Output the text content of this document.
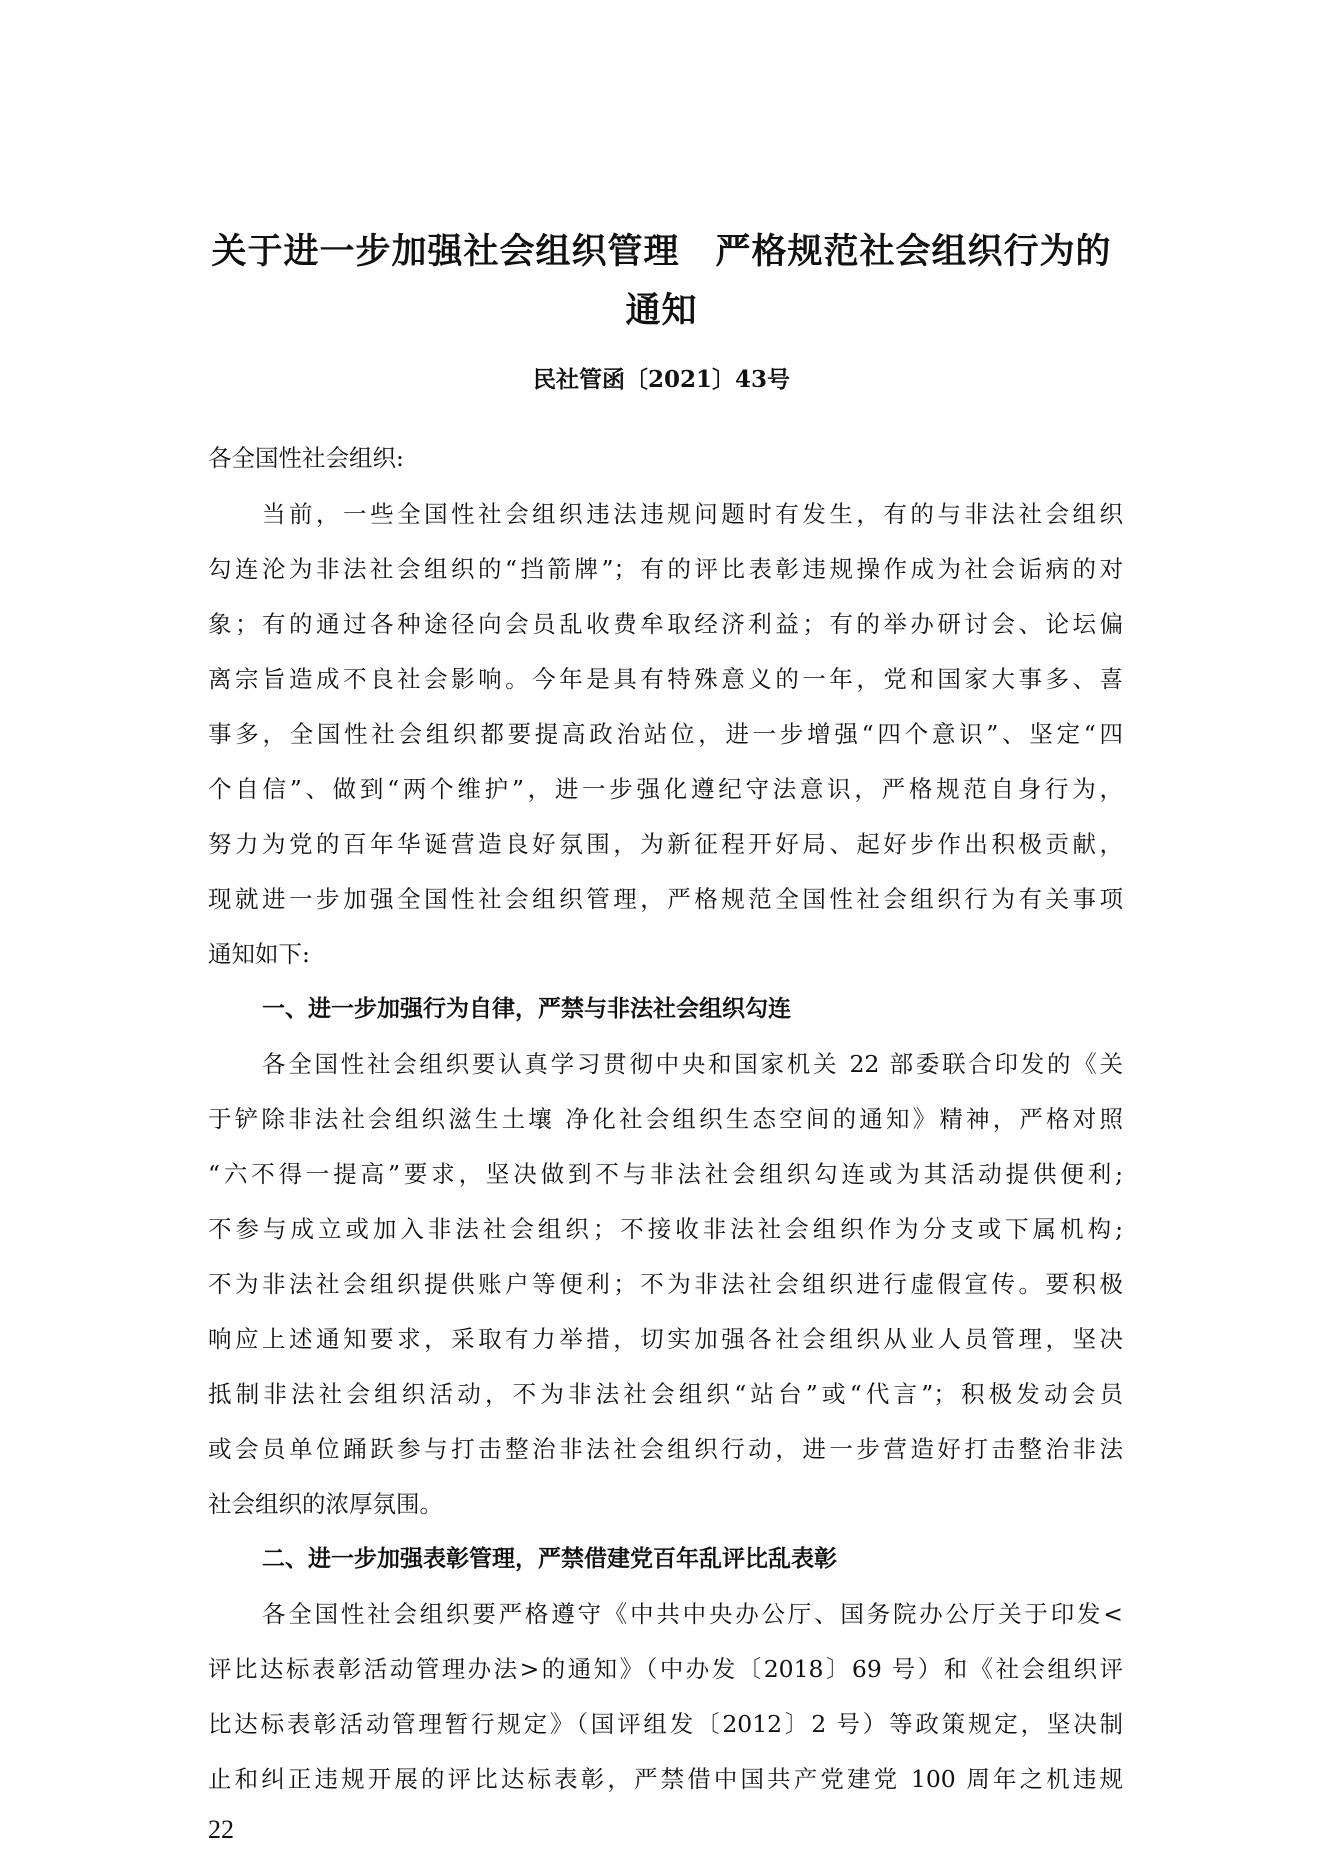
关于进一步加强社会组织管理　严格规范社会组织行为的
通知
民社管函〔2021〕43号
各全国性社会组织:
当前，一些全国性社会组织违法违规问题时有发生，有的与非法社会组织
勾连沦为非法社会组织的“挡箭牌”；有的评比表彰违规操作成为社会诟病的对
象；有的通过各种途径向会员乱收费牟取经济利益；有的举办研讨会、论坛偏
离宗旨造成不良社会影响。今年是具有特殊意义的一年，党和国家大事多、喜
事多，全国性社会组织都要提高政治站位，进一步增强“四个意识”、坚定“四
个自信”、做到“两个维护”，进一步强化遵纪守法意识，严格规范自身行为，
努力为党的百年华诞营造良好氛围，为新征程开好局、起好步作出积极贡献，
现就进一步加强全国性社会组织管理，严格规范全国性社会组织行为有关事项
通知如下:
一、进一步加强行为自律，严禁与非法社会组织勾连
各全国性社会组织要认真学习贯彻中央和国家机关 22 部委联合印发的《关
于铲除非法社会组织滋生土壤 净化社会组织生态空间的通知》精神，严格对照
“六不得一提高”要求，坚决做到不与非法社会组织勾连或为其活动提供便利;
不参与成立或加入非法社会组织；不接收非法社会组织作为分支或下属机构;
不为非法社会组织提供账户等便利；不为非法社会组织进行虚假宣传。要积极
响应上述通知要求，采取有力举措，切实加强各社会组织从业人员管理，坚决
抵制非法社会组织活动，不为非法社会组织“站台”或“代言”；积极发动会员
或会员单位踊跃参与打击整治非法社会组织行动，进一步营造好打击整治非法
社会组织的浓厚氛围。
二、进一步加强表彰管理，严禁借建党百年乱评比乱表彰
各全国性社会组织要严格遵守《中共中央办公厅、国务院办公厅关于印发<
评比达标表彰活动管理办法>的通知》（中办发〔2018〕69 号）和《社会组织评
比达标表彰活动管理暂行规定》（国评组发〔2012〕2 号）等政策规定，坚决制
止和纠正违规开展的评比达标表彰，严禁借中国共产党建党 100 周年之机违规
22
